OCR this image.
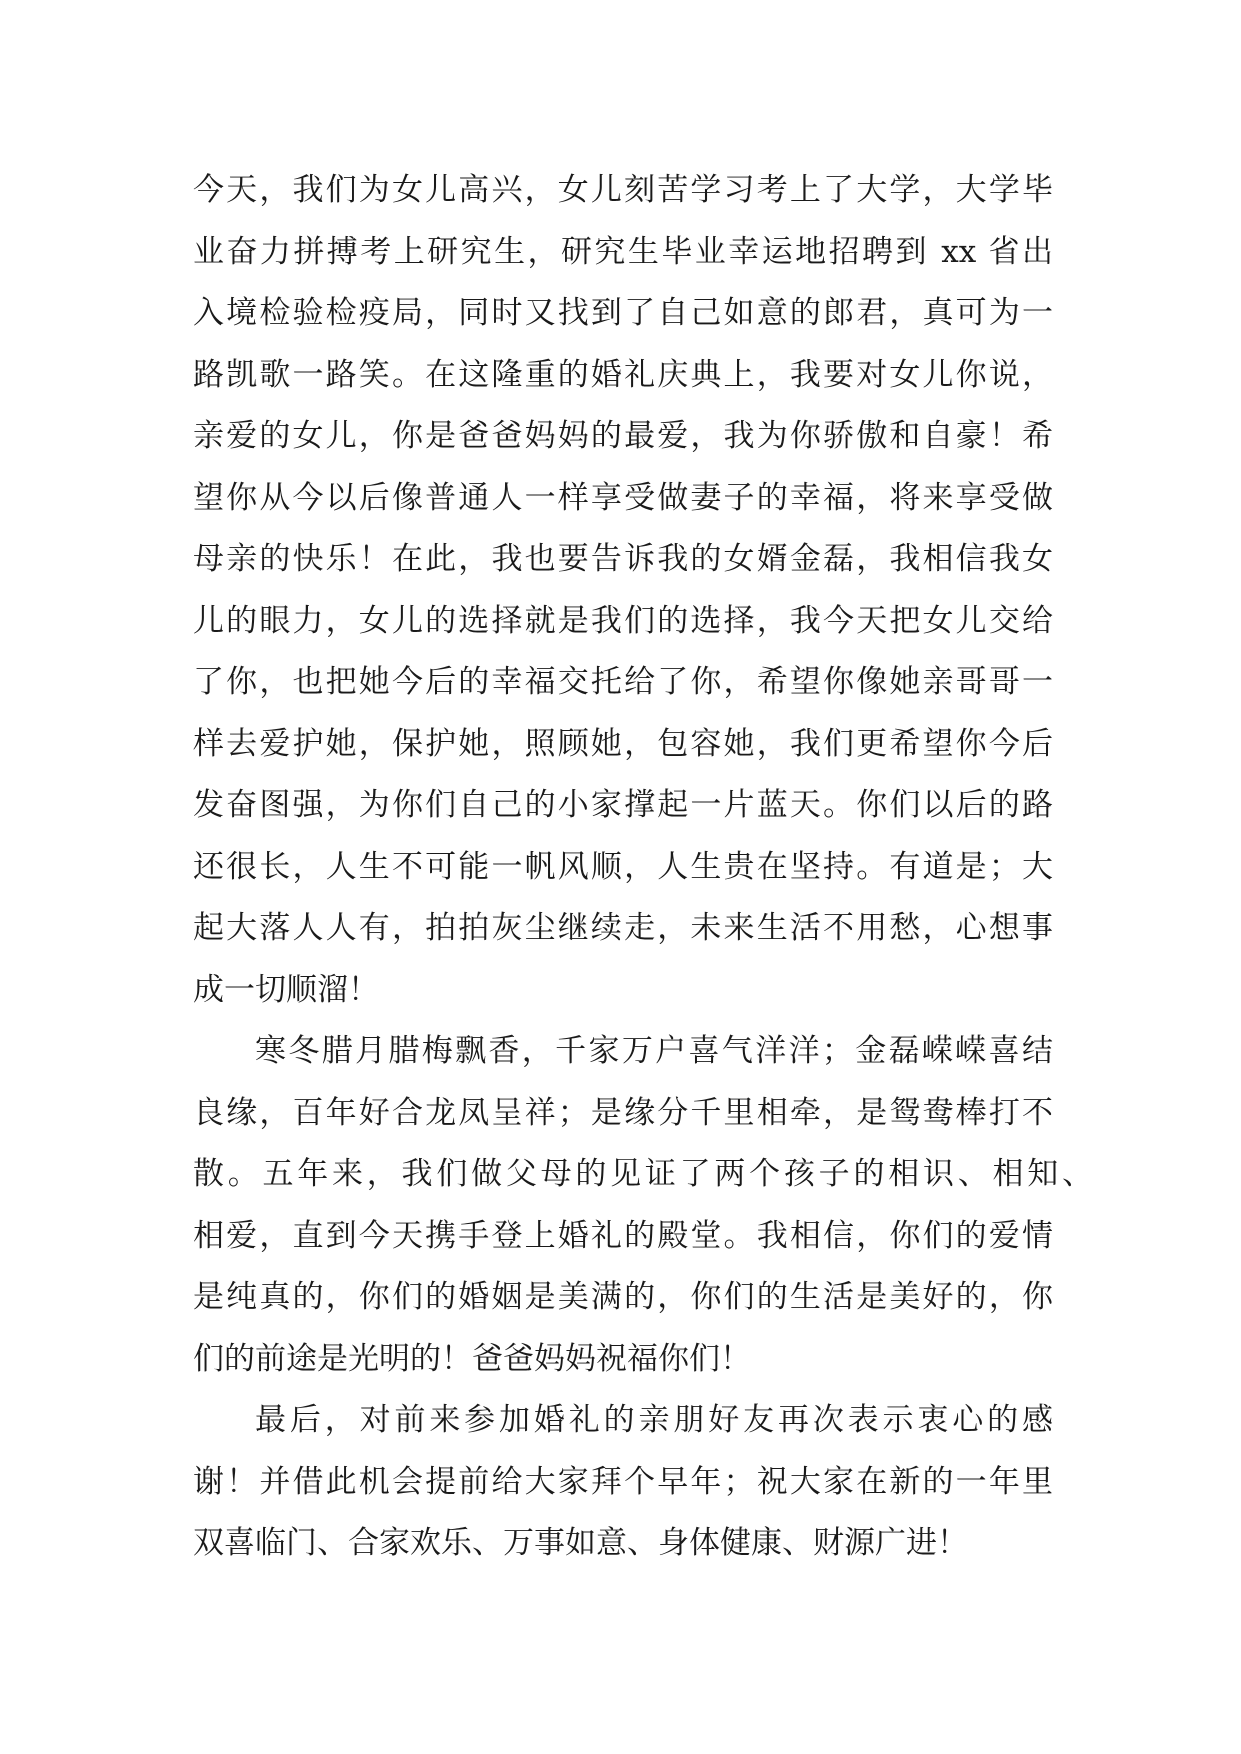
今天，我们为女儿高兴，女儿刻苦学习考上了大学，大学毕
业奋力拼搏考上研究生，研究生毕业幸运地招聘到 xx 省出
入境检验检疫局，同时又找到了自己如意的郎君，真可为一
路凯歌一路笑。在这隆重的婚礼庆典上，我要对女儿你说，
亲爱的女儿，你是爸爸妈妈的最爱，我为你骄傲和自豪！希
望你从今以后像普通人一样享受做妻子的幸福，将来享受做
母亲的快乐！在此，我也要告诉我的女婿金磊，我相信我女
儿的眼力，女儿的选择就是我们的选择，我今天把女儿交给
了你，也把她今后的幸福交托给了你，希望你像她亲哥哥一
样去爱护她，保护她，照顾她，包容她，我们更希望你今后
发奋图强，为你们自己的小家撑起一片蓝天。你们以后的路
还很长，人生不可能一帆风顺，人生贵在坚持。有道是；大
起大落人人有，拍拍灰尘继续走，未来生活不用愁，心想事
成一切顺溜！
寒冬腊月腊梅飘香，千家万户喜气洋洋；金磊嵘嵘喜结
良缘，百年好合龙凤呈祥；是缘分千里相牵，是鸳鸯棒打不
散。五年来，我们做父母的见证了两个孩子的相识、相知、
相爱，直到今天携手登上婚礼的殿堂。我相信，你们的爱情
是纯真的，你们的婚姻是美满的，你们的生活是美好的，你
们的前途是光明的！爸爸妈妈祝福你们！
最后，对前来参加婚礼的亲朋好友再次表示衷心的感
谢！并借此机会提前给大家拜个早年；祝大家在新的一年里
双喜临门、合家欢乐、万事如意、身体健康、财源广进！
